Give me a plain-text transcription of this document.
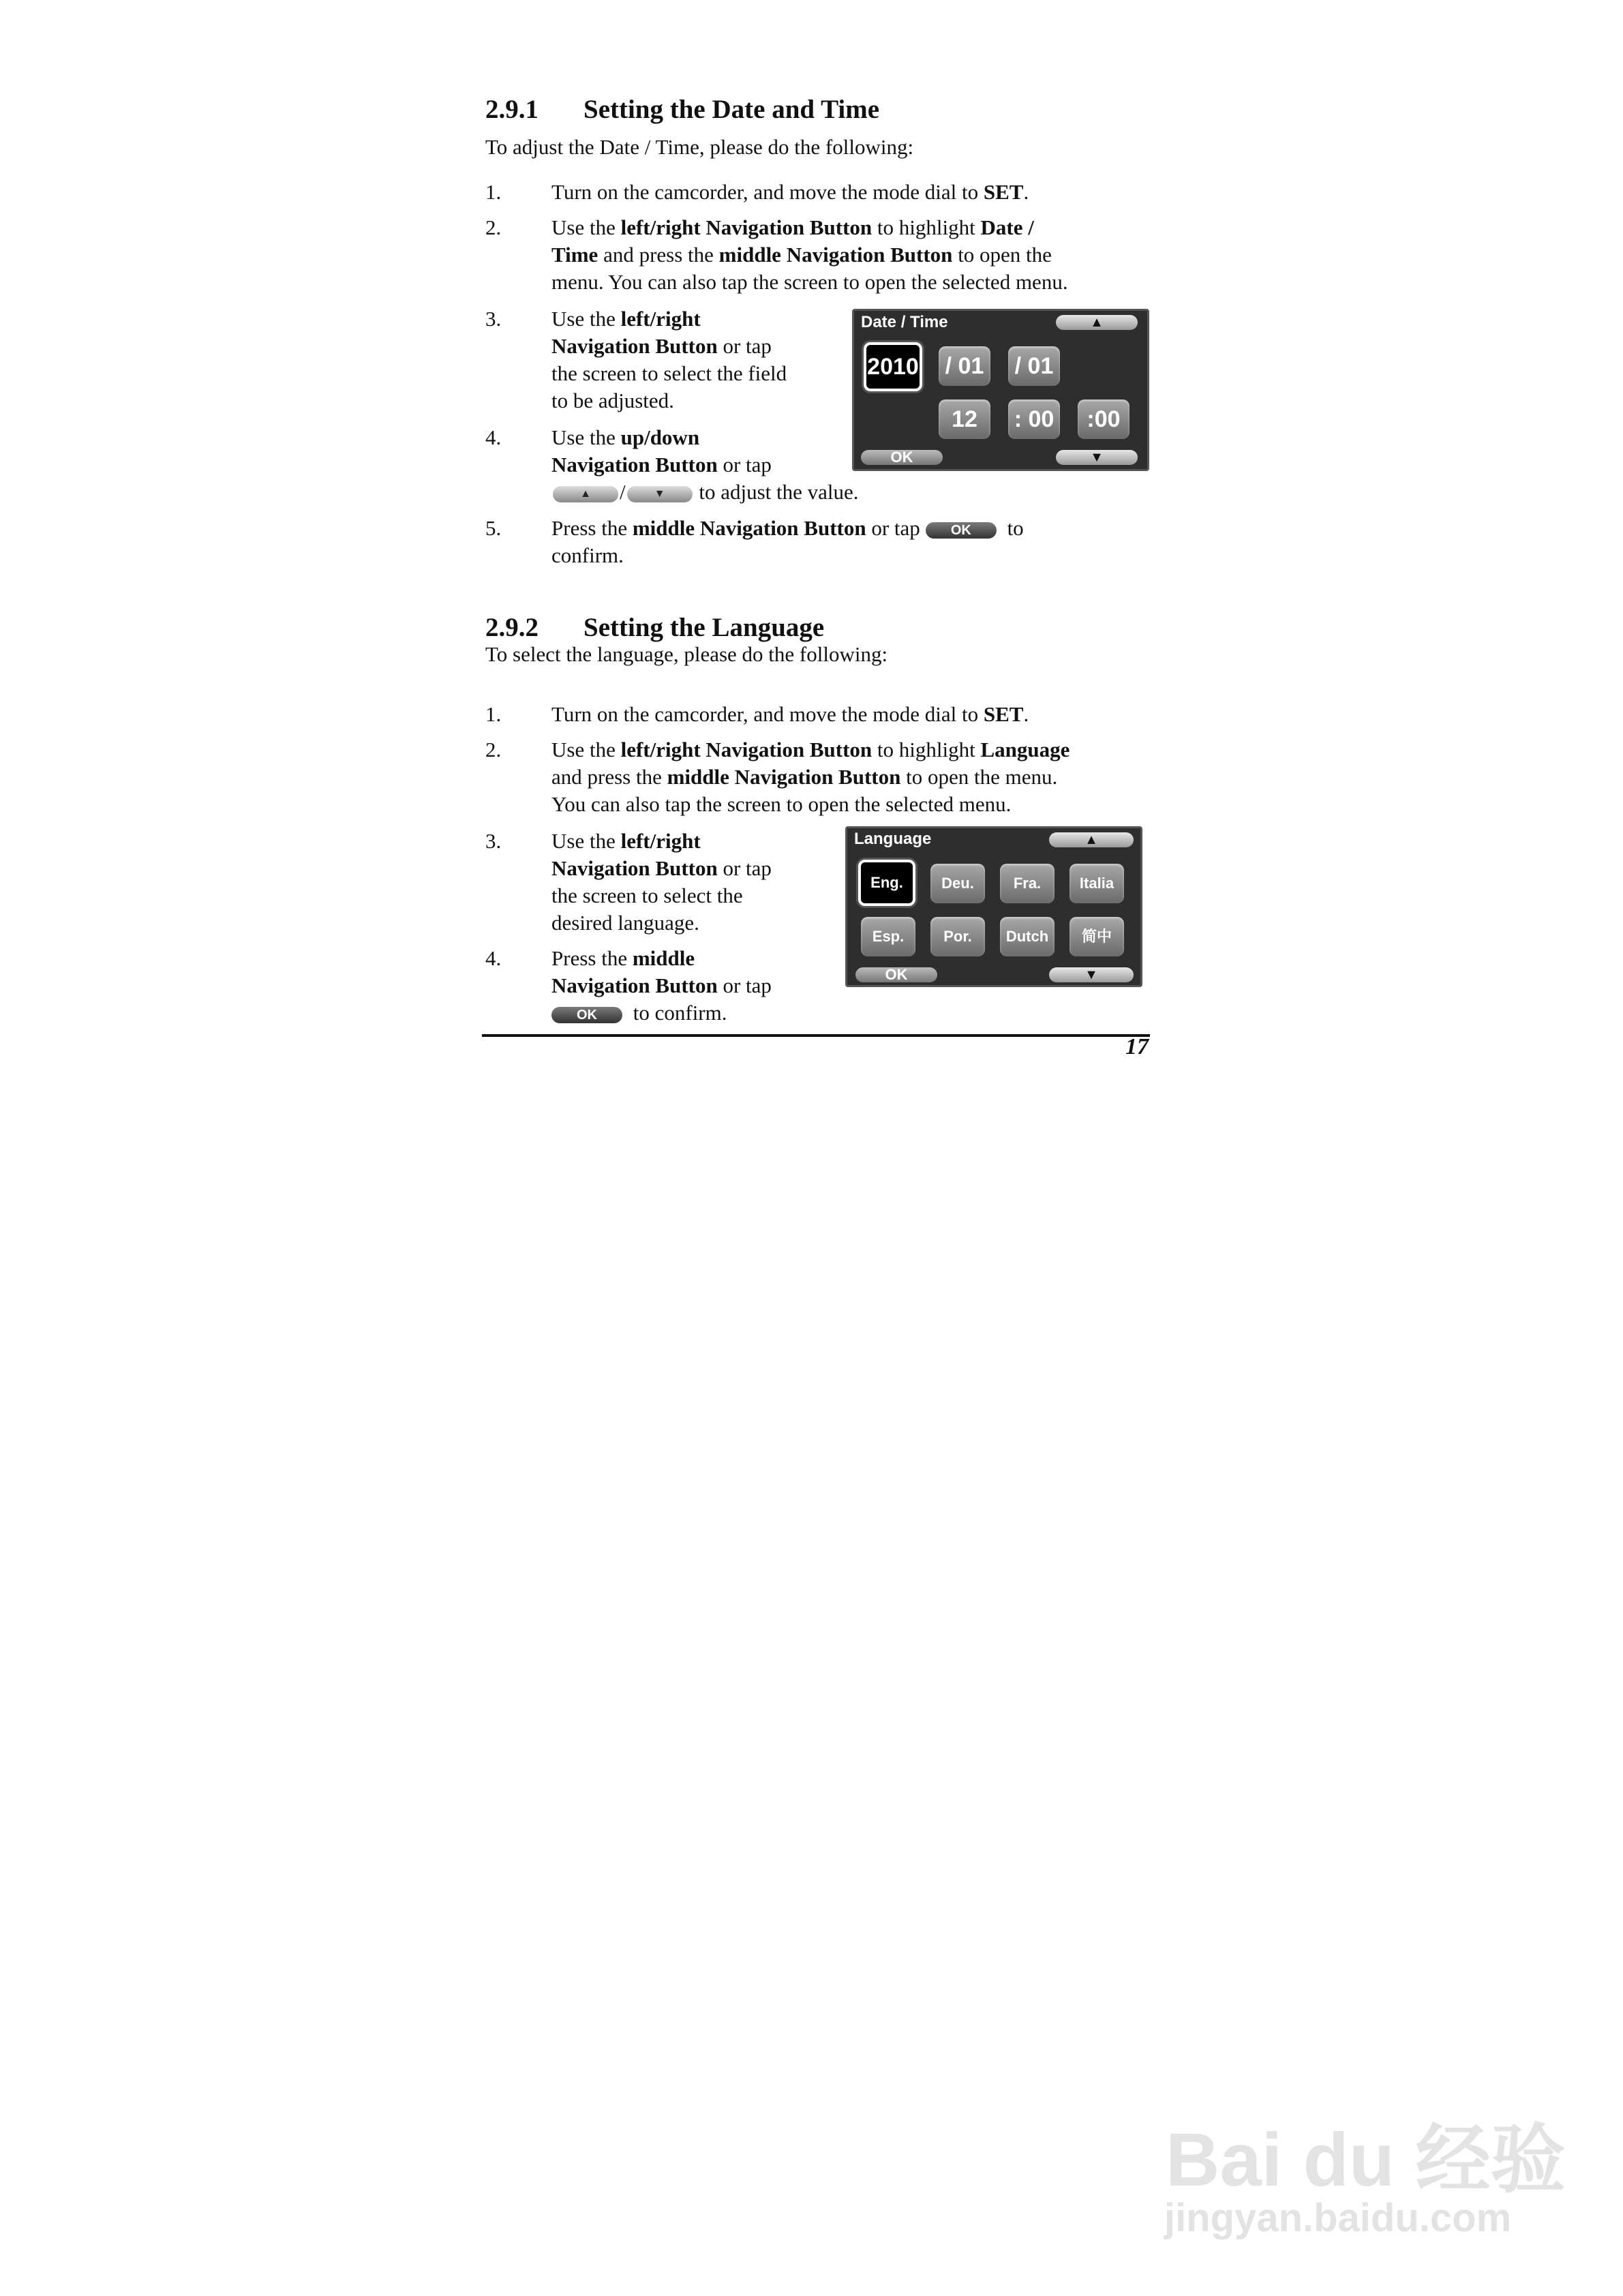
2.9.1 Setting the Date and Time
To adjust the Date / Time, please do the following:
1. Turn on the camcorder, and move the mode dial to SET.
2. Use the left/right Navigation Button to highlight Date /
Time and press the middle Navigation Button to open the
menu. You can also tap the screen to open the selected menu.
3. Use the left/right
Navigation Button or tap
the screen to select the field
to be adjusted.
4. Use the up/down
Navigation Button or tap
▲ /	▼ to adjust the value.
5. Press the middle Navigation Button or tap OK to
confirm.
Date / Time	▲
2010 / 01 / 01
12	: 00	:00
OK	▼
2.9.2 Setting the Language
To select the language, please do the following:
1. Turn on the camcorder, and move the mode dial to SET.
2. Use the left/right Navigation Button to highlight Language
and press the middle Navigation Button to open the menu.
You can also tap the screen to open the selected menu.
3. Use the left/right
Navigation Button or tap
the screen to select the
desired language.
4. Press the middle
Navigation Button or tap
OK to confirm.
Language	▲
Eng.	Deu.	Fra.	Italia
Esp.	Por.	Dutch	简中
OK	▼
17
Bai du 经验
jingyan.baidu.com
